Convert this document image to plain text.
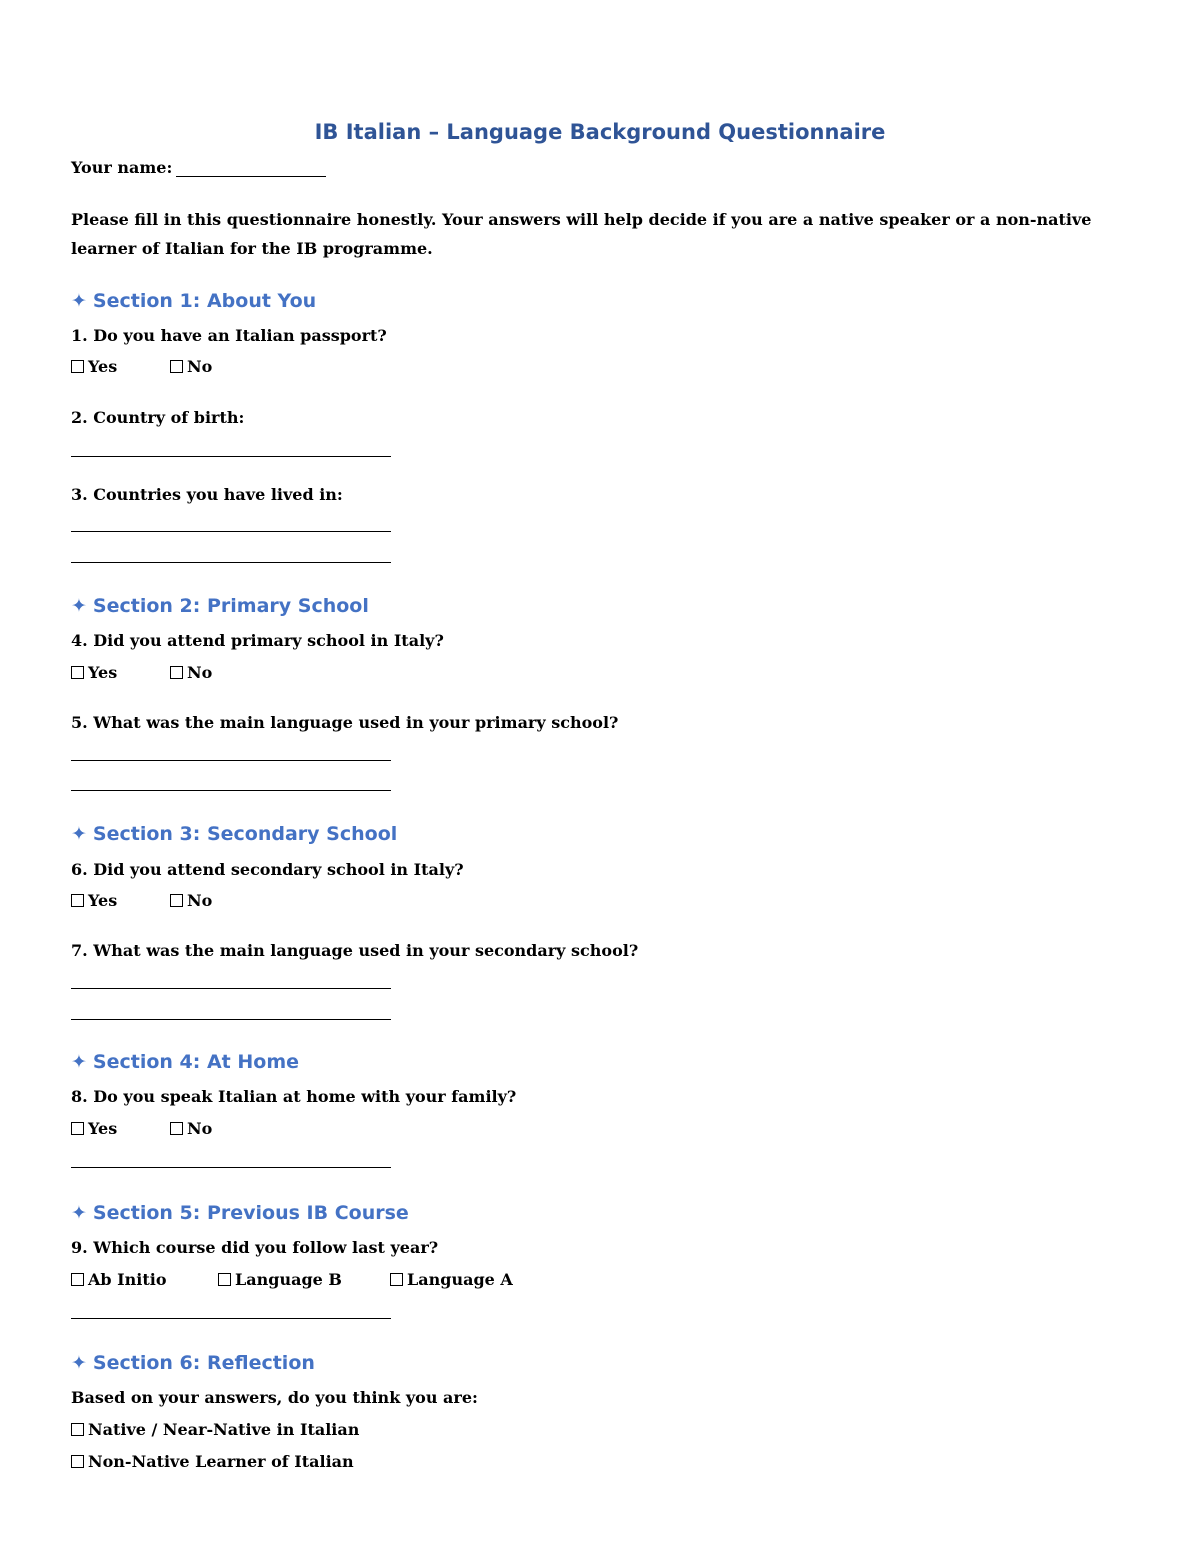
IB Italian – Language Background Questionnaire
Your name:
Please fill in this questionnaire honestly. Your answers will help decide if you are a native speaker or a non-native learner of Italian for the IB programme.
✦ Section 1: About You
1. Do you have an Italian passport?
Yes	No
2. Country of birth:
3. Countries you have lived in:
✦ Section 2: Primary School
4. Did you attend primary school in Italy?
Yes	No
5. What was the main language used in your primary school?
✦ Section 3: Secondary School
6. Did you attend secondary school in Italy?
Yes	No
7. What was the main language used in your secondary school?
✦ Section 4: At Home
8. Do you speak Italian at home with your family?
Yes	No
✦ Section 5: Previous IB Course
9. Which course did you follow last year?
Ab Initio	Language B	Language A
✦ Section 6: Reflection
Based on your answers, do you think you are:
Native / Near-Native in Italian
Non-Native Learner of Italian
